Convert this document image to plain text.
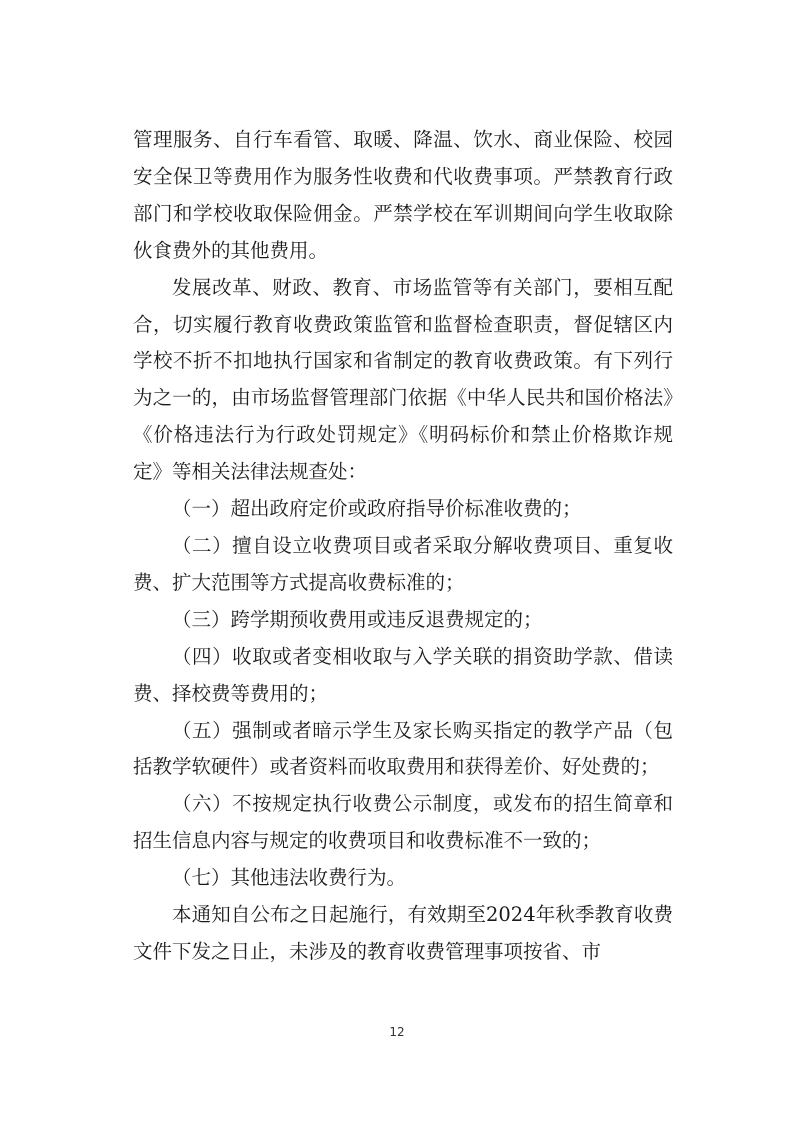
管理服务、自行车看管、取暖、降温、饮水、商业保险、校园安全保卫等费用作为服务性收费和代收费事项。严禁教育行政部门和学校收取保险佣金。严禁学校在军训期间向学生收取除伙食费外的其他费用。

发展改革、财政、教育、市场监管等有关部门，要相互配合，切实履行教育收费政策监管和监督检查职责，督促辖区内学校不折不扣地执行国家和省制定的教育收费政策。有下列行为之一的，由市场监督管理部门依据《中华人民共和国价格法》《价格违法行为行政处罚规定》《明码标价和禁止价格欺诈规定》等相关法律法规查处：

（一）超出政府定价或政府指导价标准收费的；

（二）擅自设立收费项目或者采取分解收费项目、重复收费、扩大范围等方式提高收费标准的；

（三）跨学期预收费用或违反退费规定的；

（四）收取或者变相收取与入学关联的捐资助学款、借读费、择校费等费用的；

（五）强制或者暗示学生及家长购买指定的教学产品（包括教学软硬件）或者资料而收取费用和获得差价、好处费的；

（六）不按规定执行收费公示制度，或发布的招生简章和招生信息内容与规定的收费项目和收费标准不一致的；

（七）其他违法收费行为。

本通知自公布之日起施行，有效期至2024年秋季教育收费文件下发之日止，未涉及的教育收费管理事项按省、市

12
